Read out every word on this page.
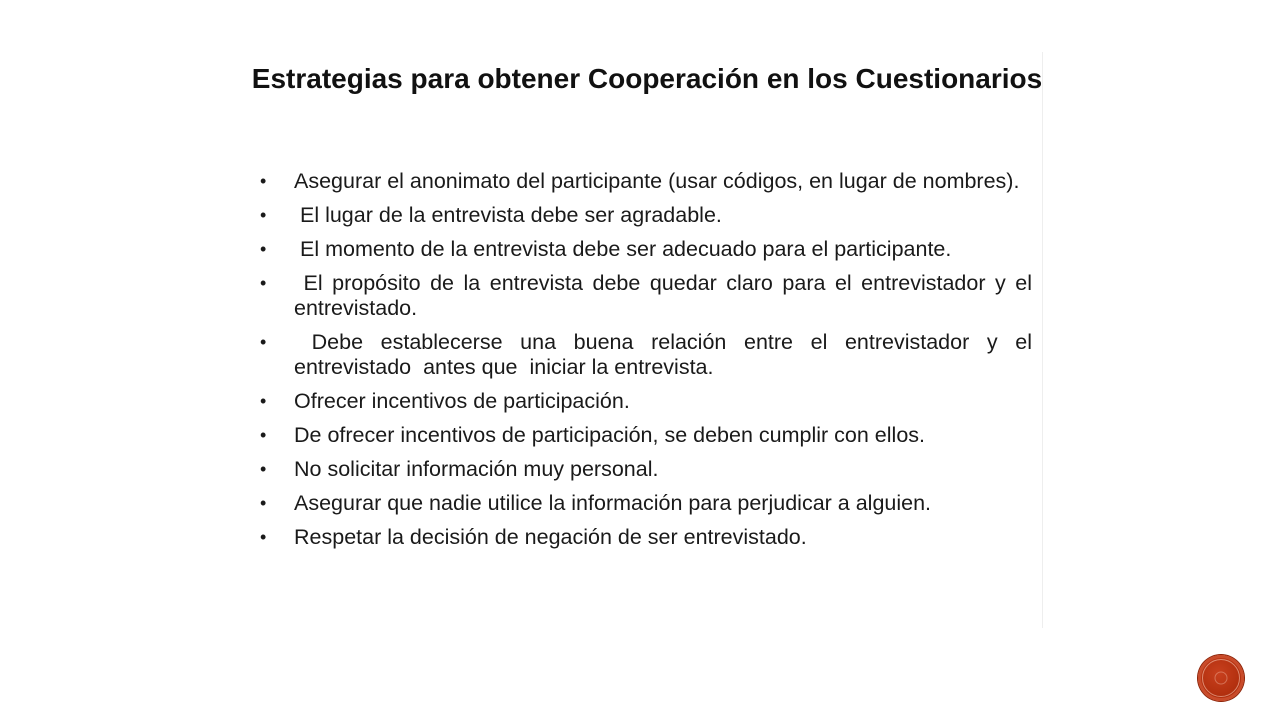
Estrategias para obtener Cooperación en los Cuestionarios
• Asegurar el anonimato del participante (usar códigos, en lugar de nombres).
• El lugar de la entrevista debe ser agradable.
• El momento de la entrevista debe ser adecuado para el participante.
• El propósito de la entrevista debe quedar claro para el entrevistador y el entrevistado.
• Debe establecerse una buena relación entre el entrevistador y el entrevistado  antes que  iniciar la entrevista.
• Ofrecer incentivos de participación.
• De ofrecer incentivos de participación, se deben cumplir con ellos.
• No solicitar información muy personal.
• Asegurar que nadie utilice la información para perjudicar a alguien.
• Respetar la decisión de negación de ser entrevistado.
